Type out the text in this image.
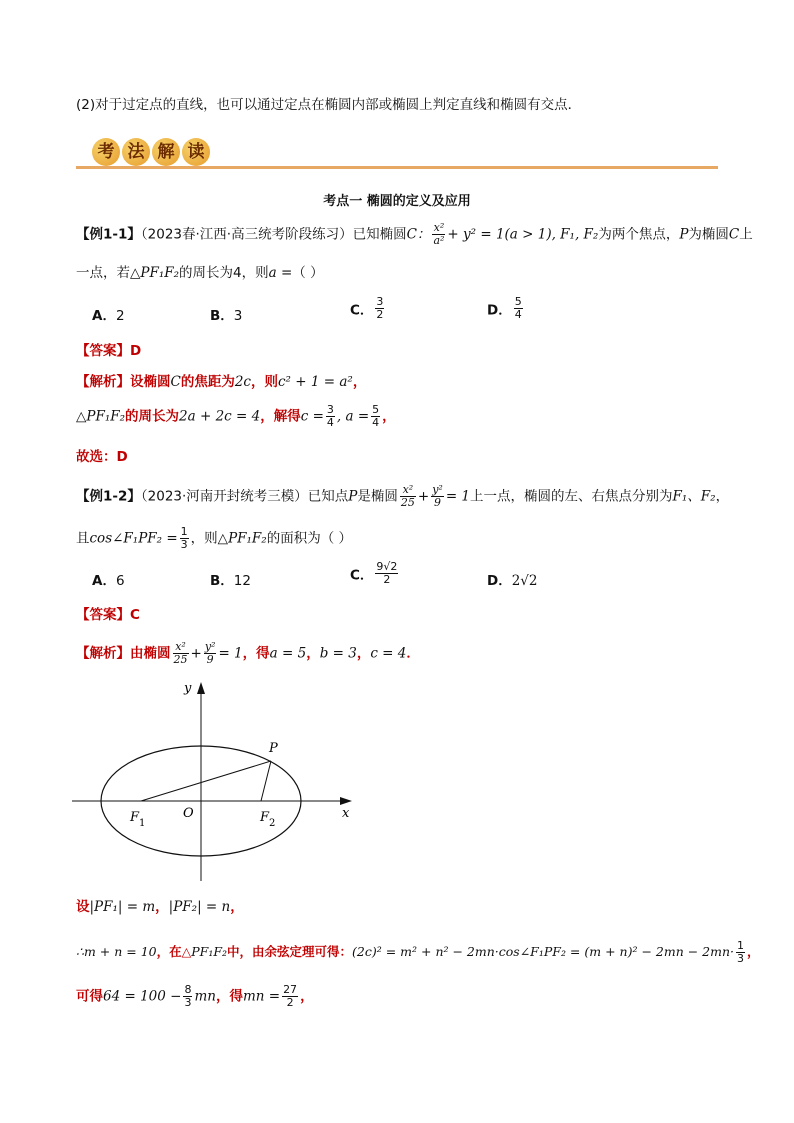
(2)对于过定点的直线，也可以通过定点在椭圆内部或椭圆上判定直线和椭圆有交点．
考 法 解 读
考点一 椭圆的定义及应用
【例1-1】（2023春·江西·高三统考阶段练习）已知椭圆C： $\frac{\text{x²}}{\text{a²}} + y^2 = 1(a > 1)$, F₁, F₂为两个焦点，P为椭圆C上
一点，若△PF₁F₂的周长为4，则a =（ ）
A．2	B．3	C． $\frac{3}{2}$	D． $\frac{5}{4}$
【答案】D
【解析】设椭圆C的焦距为2c，则c² + 1 = a²，
△PF₁F₂的周长为2a + 2c = 4，解得$c = \frac{3}{4}$ , $a = \frac{5}{4}$ ，
故选：D
【例1-2】（2023·河南开封统考三模）已知点P是椭圆 $\frac{\text{x²}}{25} + \frac{\text{y²}}{9} = 1$上一点，椭圆的左、右焦点分别为F₁、F₂，
且cos∠F₁PF₂ = $\frac{1}{3}$ ，则△PF₁F₂的面积为（ ）
A．6	B．12	C． $\frac{9√2}{2}$	D．2√2
【答案】C
【解析】由椭圆 $\frac{\text{x²}}{25} + \frac{\text{y²}}{9} = 1$，得a = 5，b = 3，c = 4．
y
x
P
O
$F_1$	$F_2$
设|PF₁| = m，|PF₂| = n，
∴m + n = 10，在△PF₁F₂中，由余弦定理可得：(2c)² = m² + n² − 2mn·cos∠F₁PF₂ = $(m + n)^2 - 2mn - 2mn\cdot \frac{1}{3}$ ，
可得$64 = 100 - \frac{8}{3}$ mn，得mn = $\frac{27}{2}$ ，
